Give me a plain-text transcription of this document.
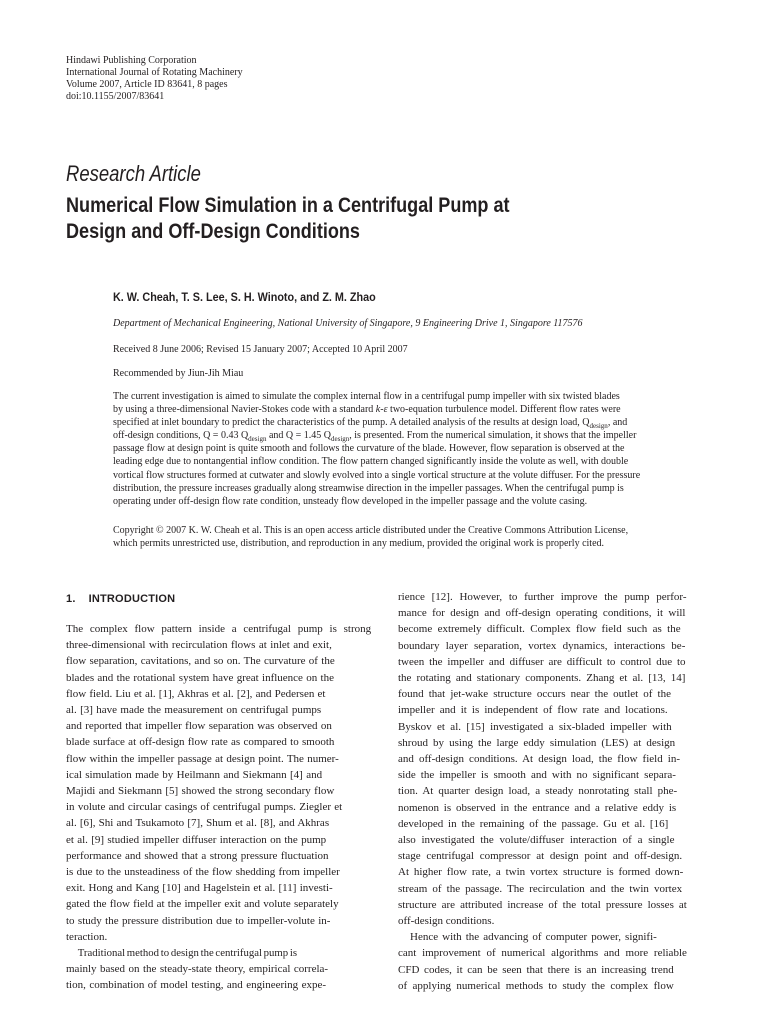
Hindawi Publishing Corporation
International Journal of Rotating Machinery
Volume 2007, Article ID 83641, 8 pages
doi:10.1155/2007/83641
Research Article
Numerical Flow Simulation in a Centrifugal Pump at
Design and Off-Design Conditions
K. W. Cheah, T. S. Lee, S. H. Winoto, and Z. M. Zhao
Department of Mechanical Engineering, National University of Singapore, 9 Engineering Drive 1, Singapore 117576
Received 8 June 2006; Revised 15 January 2007; Accepted 10 April 2007
Recommended by Jiun-Jih Miau
The current investigation is aimed to simulate the complex internal flow in a centrifugal pump impeller with six twisted blades
by using a three-dimensional Navier-Stokes code with a standard k-ε two-equation turbulence model. Different flow rates were
specified at inlet boundary to predict the characteristics of the pump. A detailed analysis of the results at design load, $Q_{design}$, and
off-design conditions, Q = 0.43 $Q_{design}$ and Q = 1.45 $Q_{design}$, is presented. From the numerical simulation, it shows that the impeller
passage flow at design point is quite smooth and follows the curvature of the blade. However, flow separation is observed at the
leading edge due to nontangential inflow condition. The flow pattern changed significantly inside the volute as well, with double
vortical flow structures formed at cutwater and slowly evolved into a single vortical structure at the volute diffuser. For the pressure
distribution, the pressure increases gradually along streamwise direction in the impeller passages. When the centrifugal pump is
operating under off-design flow rate condition, unsteady flow developed in the impeller passage and the volute casing.
Copyright © 2007 K. W. Cheah et al. This is an open access article distributed under the Creative Commons Attribution License,
which permits unrestricted use, distribution, and reproduction in any medium, provided the original work is properly cited.
1.    INTRODUCTION
The complex flow pattern inside a centrifugal pump is strong
three-dimensional with recirculation flows at inlet and exit,
flow separation, cavitations, and so on. The curvature of the
blades and the rotational system have great influence on the
flow field. Liu et al. [1], Akhras et al. [2], and Pedersen et
al. [3] have made the measurement on centrifugal pumps
and reported that impeller flow separation was observed on
blade surface at off-design flow rate as compared to smooth
flow within the impeller passage at design point. The numer-
ical simulation made by Heilmann and Siekmann [4] and
Majidi and Siekmann [5] showed the strong secondary flow
in volute and circular casings of centrifugal pumps. Ziegler et
al. [6], Shi and Tsukamoto [7], Shum et al. [8], and Akhras
et al. [9] studied impeller diffuser interaction on the pump
performance and showed that a strong pressure fluctuation
is due to the unsteadiness of the flow shedding from impeller
exit. Hong and Kang [10] and Hagelstein et al. [11] investi-
gated the flow field at the impeller exit and volute separately
to study the pressure distribution due to impeller-volute in-
teraction.
Traditional method to design the centrifugal pump is
mainly based on the steady-state theory, empirical correla-
tion, combination of model testing, and engineering expe-
rience [12]. However, to further improve the pump perfor-
mance for design and off-design operating conditions, it will
become extremely difficult. Complex flow field such as the
boundary layer separation, vortex dynamics, interactions be-
tween the impeller and diffuser are difficult to control due to
the rotating and stationary components. Zhang et al. [13, 14]
found that jet-wake structure occurs near the outlet of the
impeller and it is independent of flow rate and locations.
Byskov et al. [15] investigated a six-bladed impeller with
shroud by using the large eddy simulation (LES) at design
and off-design conditions. At design load, the flow field in-
side the impeller is smooth and with no significant separa-
tion. At quarter design load, a steady nonrotating stall phe-
nomenon is observed in the entrance and a relative eddy is
developed in the remaining of the passage. Gu et al. [16]
also investigated the volute/diffuser interaction of a single
stage centrifugal compressor at design point and off-design.
At higher flow rate, a twin vortex structure is formed down-
stream of the passage. The recirculation and the twin vortex
structure are attributed increase of the total pressure losses at
off-design conditions.
Hence with the advancing of computer power, signifi-
cant improvement of numerical algorithms and more reliable
CFD codes, it can be seen that there is an increasing trend
of applying numerical methods to study the complex flow
